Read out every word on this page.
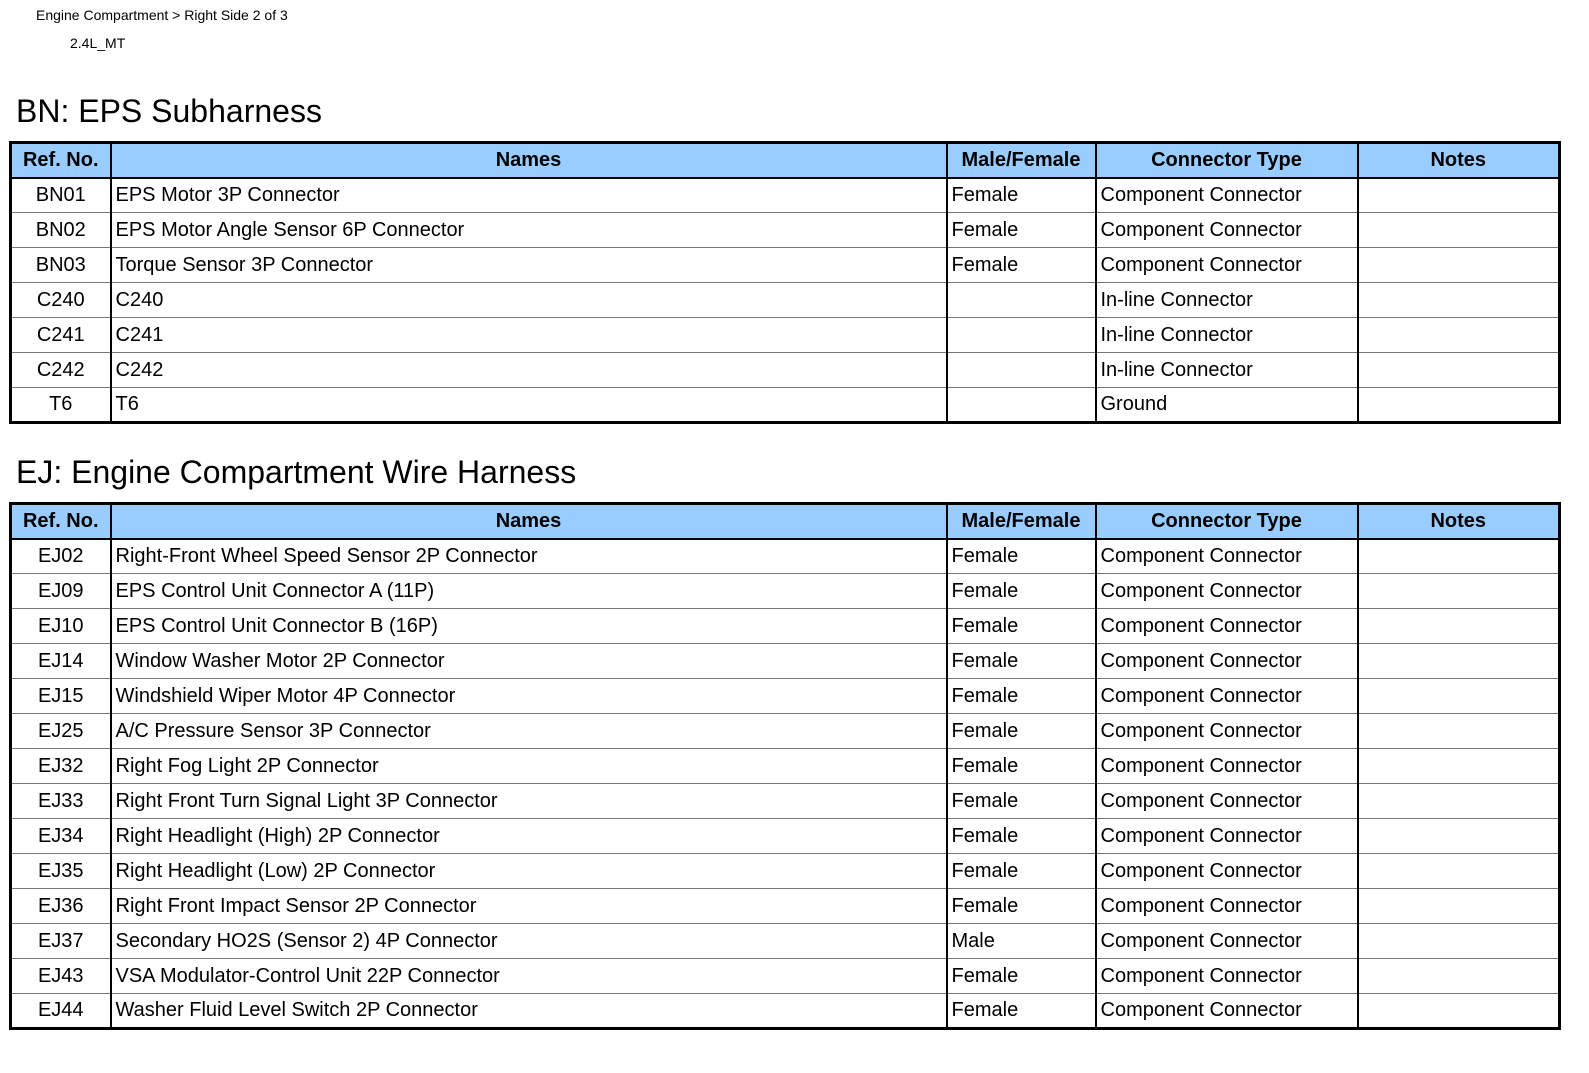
Engine Compartment > Right Side 2 of 3
2.4L_MT
BN: EPS Subharness
Ref. No.	Names	Male/Female	Connector Type	Notes
BN01	EPS Motor 3P Connector	Female	Component Connector	
BN02	EPS Motor Angle Sensor 6P Connector	Female	Component Connector	
BN03	Torque Sensor 3P Connector	Female	Component Connector	
C240	C240		In-line Connector	
C241	C241		In-line Connector	
C242	C242		In-line Connector	
T6	T6		Ground	
EJ: Engine Compartment Wire Harness
Ref. No.	Names	Male/Female	Connector Type	Notes
EJ02	Right-Front Wheel Speed Sensor 2P Connector	Female	Component Connector	
EJ09	EPS Control Unit Connector A (11P)	Female	Component Connector	
EJ10	EPS Control Unit Connector B (16P)	Female	Component Connector	
EJ14	Window Washer Motor 2P Connector	Female	Component Connector	
EJ15	Windshield Wiper Motor 4P Connector	Female	Component Connector	
EJ25	A/C Pressure Sensor 3P Connector	Female	Component Connector	
EJ32	Right Fog Light 2P Connector	Female	Component Connector	
EJ33	Right Front Turn Signal Light 3P Connector	Female	Component Connector	
EJ34	Right Headlight (High) 2P Connector	Female	Component Connector	
EJ35	Right Headlight (Low) 2P Connector	Female	Component Connector	
EJ36	Right Front Impact Sensor 2P Connector	Female	Component Connector	
EJ37	Secondary HO2S (Sensor 2) 4P Connector	Male	Component Connector	
EJ43	VSA Modulator-Control Unit 22P Connector	Female	Component Connector	
EJ44	Washer Fluid Level Switch 2P Connector	Female	Component Connector	
